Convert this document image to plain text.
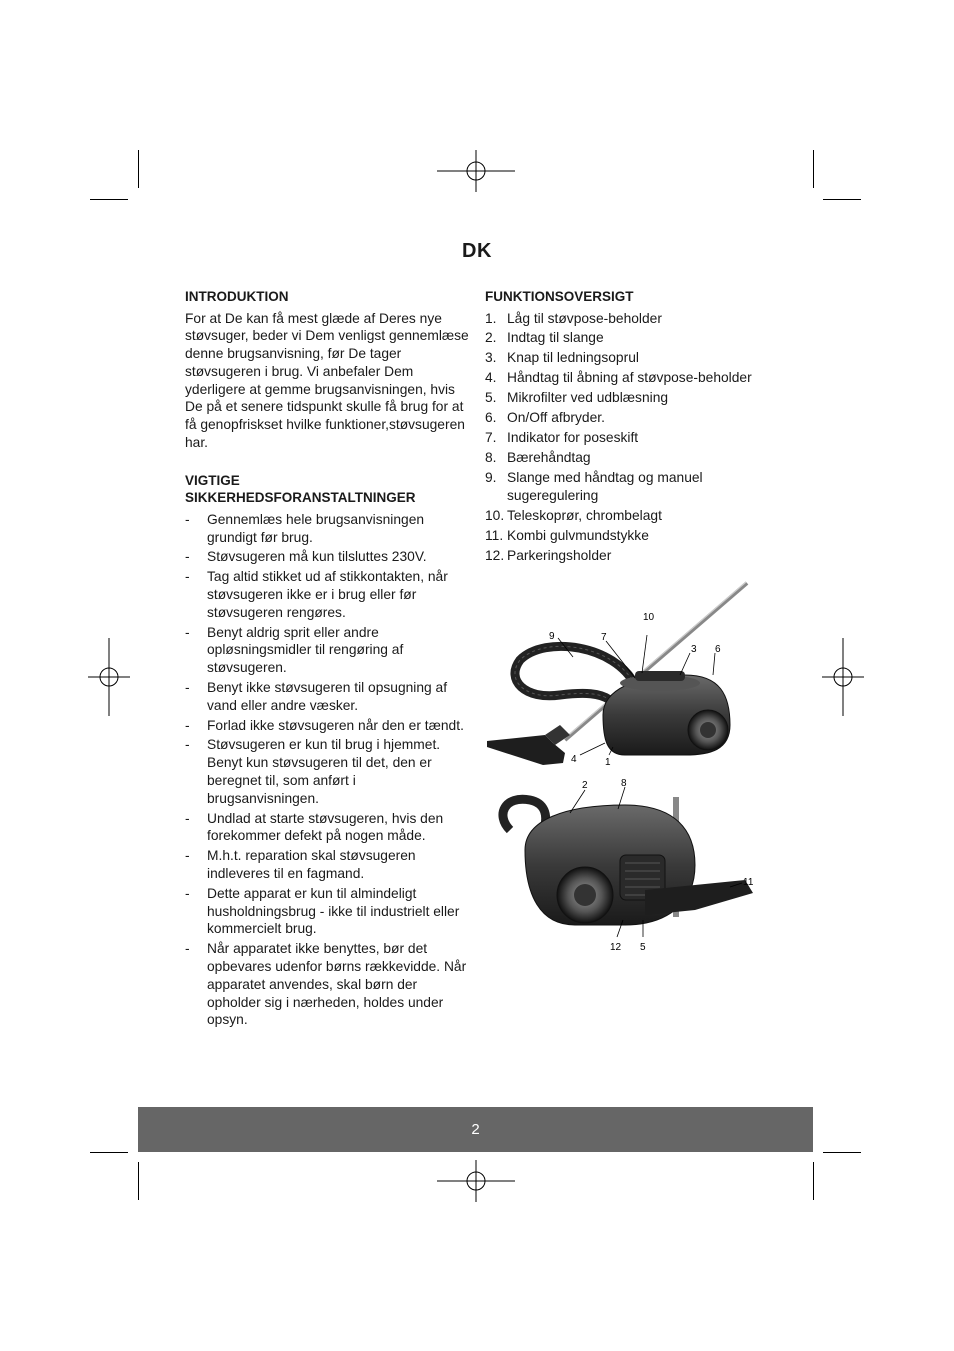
DK
INTRODUKTION

For at De kan få mest glæde af Deres nye støvsuger, beder vi Dem venligst gennemlæse denne brugsanvisning, før De tager støvsugeren i brug. Vi anbefaler Dem yderligere at gemme brugsanvisningen, hvis De på et senere tidspunkt skulle få brug for at få genopfriskset hvilke funktioner,støvsugeren har.

VIGTIGE SIKKERHEDSFORANSTALTNINGER
- Gennemlæs hele brugsanvisningen grundigt før brug.
- Støvsugeren må kun tilsluttes 230V.
- Tag altid stikket ud af stikkontakten, når støvsugeren ikke er i brug eller før støvsugeren rengøres.
- Benyt aldrig sprit eller andre opløsningsmidler til rengøring af støvsugeren.
- Benyt ikke støvsugeren til opsugning af vand eller andre væsker.
- Forlad ikke støvsugeren når den er tændt.
- Støvsugeren er kun til brug i hjemmet. Benyt kun støvsugeren til det, den er beregnet til, som anført i brugsanvisningen.
- Undlad at starte støvsugeren, hvis den forekommer defekt på nogen måde.
- M.h.t. reparation skal støvsugeren indleveres til en fagmand.
- Dette apparat er kun til almindeligt husholdningsbrug - ikke til industrielt eller kommercielt brug.
- Når apparatet ikke benyttes, bør det opbevares udenfor børns rækkevidde. Når apparatet anvendes, skal børn der opholder sig i nærheden, holdes under opsyn.
FUNKTIONSOVERSIGT
1. Låg til støvpose-beholder
2. Indtag til slange
3. Knap til ledningsoprul
4. Håndtag til åbning af støvpose-beholder
5. Mikrofilter ved udblæsning
6. On/Off afbryder.
7. Indikator for poseskift
8. Bærehåndtag
9. Slange med håndtag og manuel sugeregulering
10. Teleskoprør, chrombelagt
11. Kombi gulvmundstykke
12. Parkeringsholder
10
9	7
3 6
4	1
2	8
11
12 5
2
